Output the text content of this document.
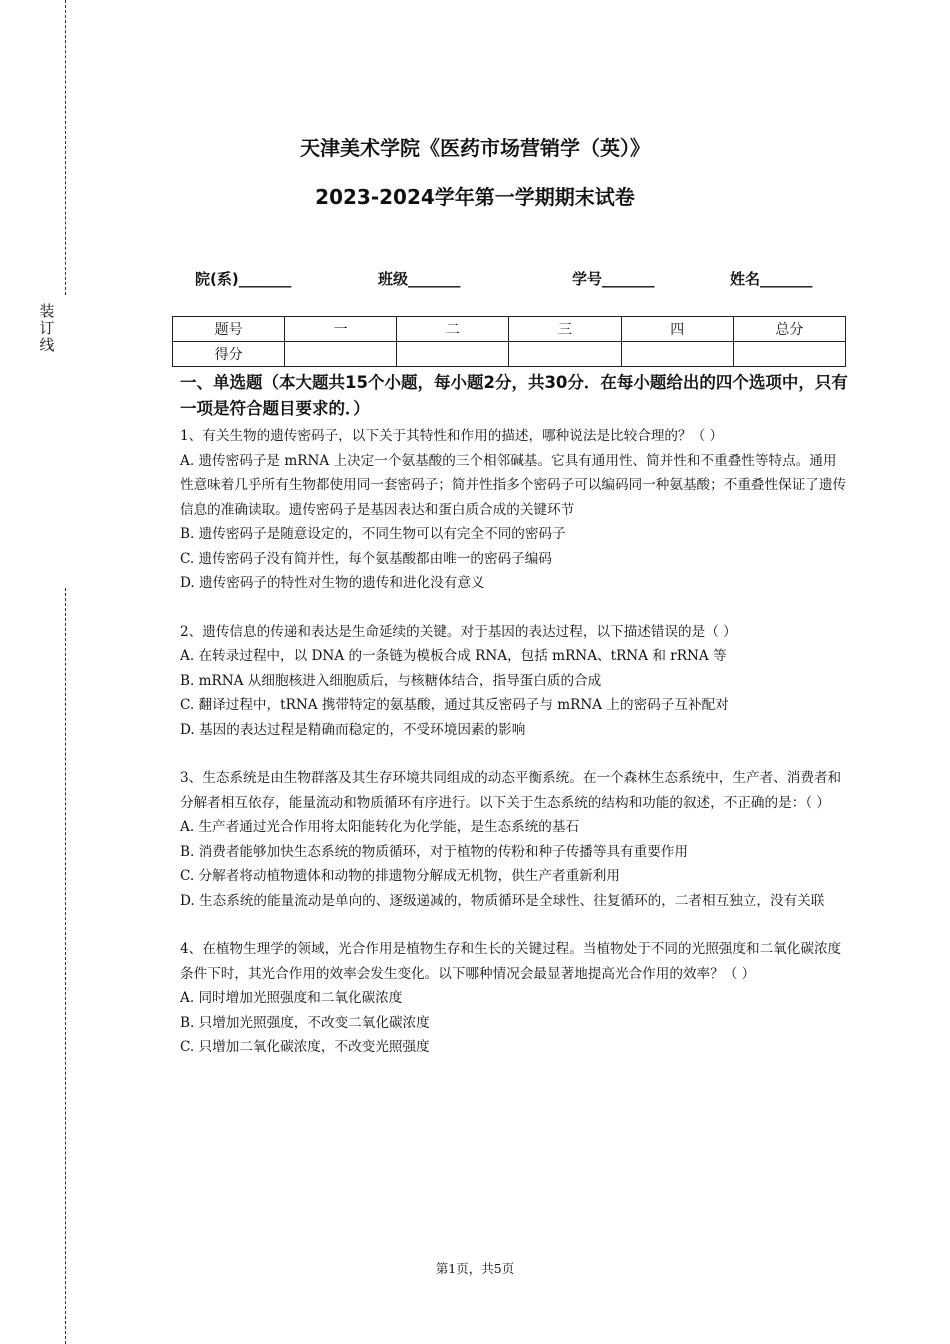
装
订
线
天津美术学院《医药市场营销学（英）》
2023-2024学年第一学期期末试卷
院(系)_______	班级_______	学号_______	姓名_______
题号	一	二	三	四	总分
得分					
一、单选题（本大题共15个小题，每小题2分，共30分．在每小题给出的四个选项中，只有一项是符合题目要求的．）

1、有关生物的遗传密码子，以下关于其特性和作用的描述，哪种说法是比较合理的？（ ）

A. 遗传密码子是 mRNA 上决定一个氨基酸的三个相邻碱基。它具有通用性、简并性和不重叠性等特点。通用性意味着几乎所有生物都使用同一套密码子；简并性指多个密码子可以编码同一种氨基酸；不重叠性保证了遗传信息的准确读取。遗传密码子是基因表达和蛋白质合成的关键环节

B. 遗传密码子是随意设定的，不同生物可以有完全不同的密码子

C. 遗传密码子没有简并性，每个氨基酸都由唯一的密码子编码

D. 遗传密码子的特性对生物的遗传和进化没有意义

2、遗传信息的传递和表达是生命延续的关键。对于基因的表达过程，以下描述错误的是（ ）

A. 在转录过程中，以 DNA 的一条链为模板合成 RNA，包括 mRNA、tRNA 和 rRNA 等

B. mRNA 从细胞核进入细胞质后，与核糖体结合，指导蛋白质的合成

C. 翻译过程中，tRNA 携带特定的氨基酸，通过其反密码子与 mRNA 上的密码子互补配对

D. 基因的表达过程是精确而稳定的，不受环境因素的影响

3、生态系统是由生物群落及其生存环境共同组成的动态平衡系统。在一个森林生态系统中，生产者、消费者和分解者相互依存，能量流动和物质循环有序进行。以下关于生态系统的结构和功能的叙述，不正确的是：（ ）

A. 生产者通过光合作用将太阳能转化为化学能，是生态系统的基石

B. 消费者能够加快生态系统的物质循环，对于植物的传粉和种子传播等具有重要作用

C. 分解者将动植物遗体和动物的排遗物分解成无机物，供生产者重新利用

D. 生态系统的能量流动是单向的、逐级递减的，物质循环是全球性、往复循环的，二者相互独立，没有关联

4、在植物生理学的领域，光合作用是植物生存和生长的关键过程。当植物处于不同的光照强度和二氧化碳浓度条件下时，其光合作用的效率会发生变化。以下哪种情况会最显著地提高光合作用的效率？（ ）

A. 同时增加光照强度和二氧化碳浓度

B. 只增加光照强度，不改变二氧化碳浓度

C. 只增加二氧化碳浓度，不改变光照强度

第1页，共5页
